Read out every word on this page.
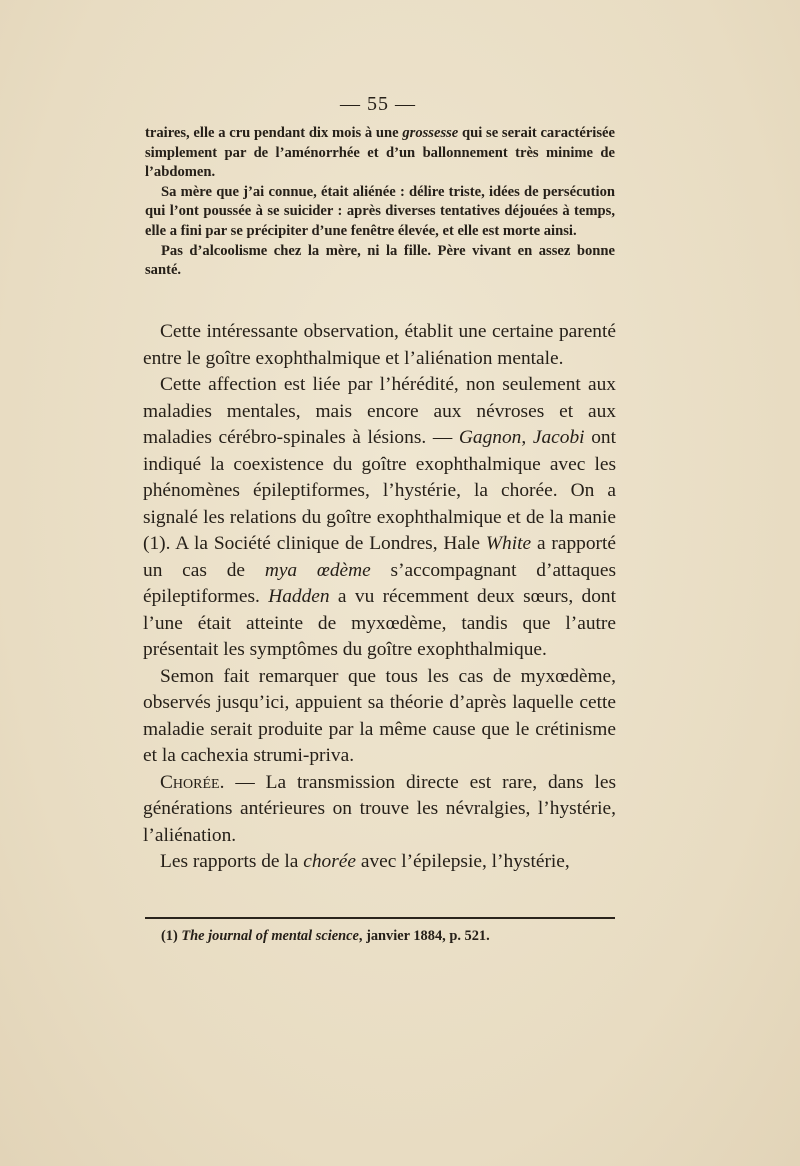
— 55 —

traires, elle a cru pendant dix mois à une grossesse qui se serait caractérisée simplement par de l’aménorrhée et d’un ballonnement très minime de l’abdomen.

Sa mère que j’ai connue, était aliénée : délire triste, idées de persécution qui l’ont poussée à se suicider : après diverses tentatives déjouées à temps, elle a fini par se précipiter d’une fenêtre élevée, et elle est morte ainsi.

Pas d’alcoolisme chez la mère, ni la fille. Père vivant en assez bonne santé.

Cette intéressante observation, établit une certaine parenté entre le goître exophthalmique et l’aliénation mentale.

Cette affection est liée par l’hérédité, non seulement aux maladies mentales, mais encore aux névroses et aux maladies cérébro-spinales à lésions. — Gagnon, Jacobi ont indiqué la coexistence du goître exophthalmique avec les phénomènes épileptiformes, l’hystérie, la chorée. On a signalé les relations du goître exophthalmique et de la manie (1). A la Société clinique de Londres, Hale White a rapporté un cas de mya œdème s’accompagnant d’attaques épileptiformes. Hadden a vu récemment deux sœurs, dont l’une était atteinte de myxœdème, tandis que l’autre présentait les symptômes du goître exophthalmique.

Semon fait remarquer que tous les cas de myxœdème, observés jusqu’ici, appuient sa théorie d’après laquelle cette maladie serait produite par la même cause que le crétinisme et la cachexia strumi-priva.

Chorée. — La transmission directe est rare, dans les générations antérieures on trouve les névralgies, l’hystérie, l’aliénation.

Les rapports de la chorée avec l’épilepsie, l’hystérie,

(1) The journal of mental science, janvier 1884, p. 521.
